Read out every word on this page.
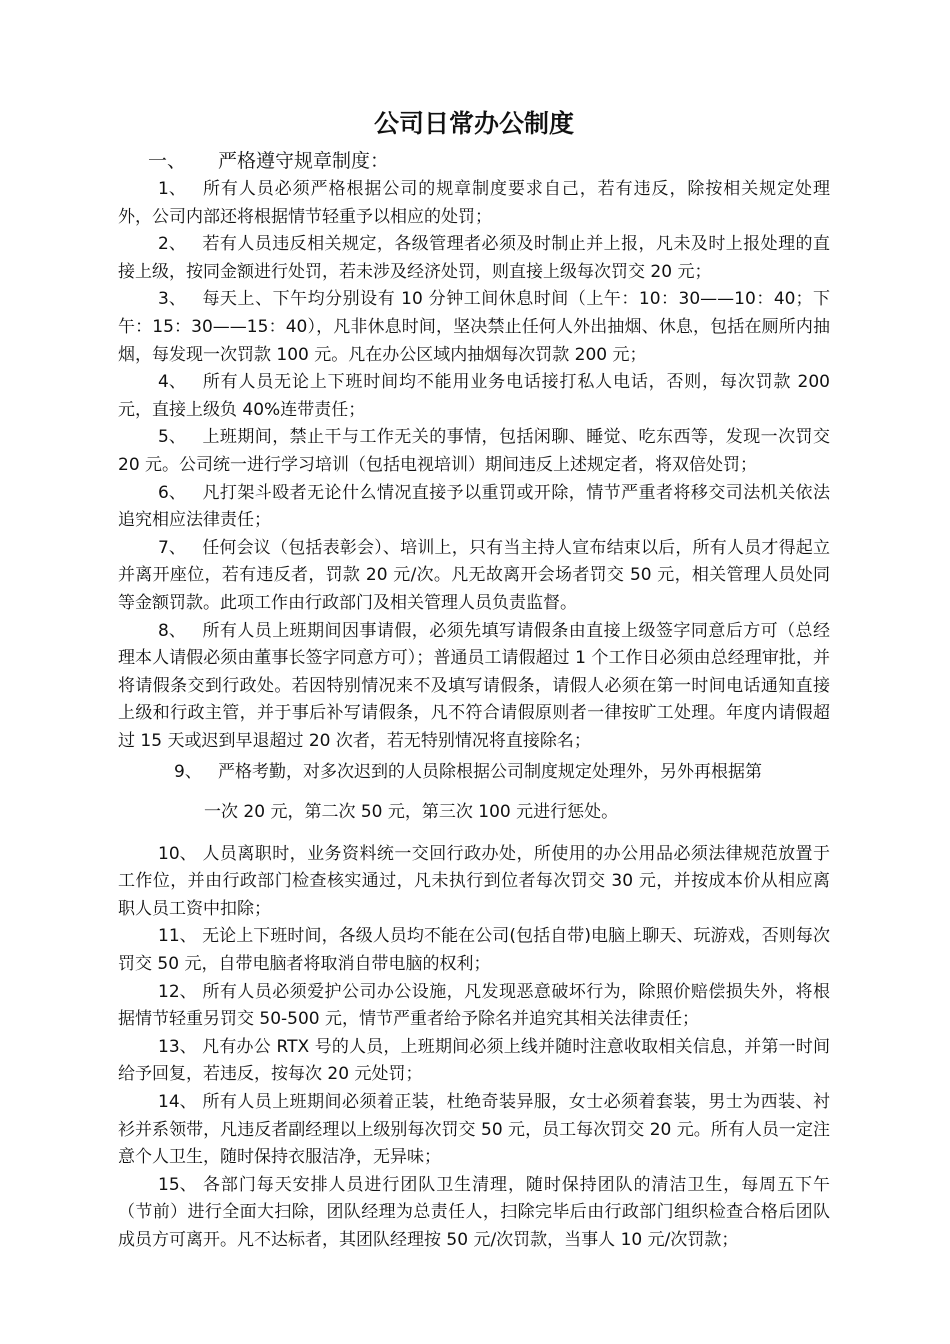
公司日常办公制度

一、 严格遵守规章制度：

1、 所有人员必须严格根据公司的规章制度要求自己，若有违反，除按相关规定处理外，公司内部还将根据情节轻重予以相应的处罚；

2、 若有人员违反相关规定，各级管理者必须及时制止并上报，凡未及时上报处理的直接上级，按同金额进行处罚，若未涉及经济处罚，则直接上级每次罚交 20 元；

3、 每天上、下午均分别设有 10 分钟工间休息时间（上午：10：30——10：40；下午：15：30——15：40），凡非休息时间，坚决禁止任何人外出抽烟、休息，包括在厕所内抽烟，每发现一次罚款 100 元。凡在办公区域内抽烟每次罚款 200 元；

4、 所有人员无论上下班时间均不能用业务电话接打私人电话，否则，每次罚款 200 元，直接上级负 40%连带责任；

5、 上班期间，禁止干与工作无关的事情，包括闲聊、睡觉、吃东西等，发现一次罚交 20 元。公司统一进行学习培训（包括电视培训）期间违反上述规定者，将双倍处罚；

6、 凡打架斗殴者无论什么情况直接予以重罚或开除，情节严重者将移交司法机关依法追究相应法律责任；

7、 任何会议（包括表彰会）、培训上，只有当主持人宣布结束以后，所有人员才得起立并离开座位，若有违反者，罚款 20 元/次。凡无故离开会场者罚交 50 元，相关管理人员处同等金额罚款。此项工作由行政部门及相关管理人员负责监督。

8、 所有人员上班期间因事请假，必须先填写请假条由直接上级签字同意后方可（总经理本人请假必须由董事长签字同意方可）；普通员工请假超过 1 个工作日必须由总经理审批，并将请假条交到行政处。若因特别情况来不及填写请假条，请假人必须在第一时间电话通知直接上级和行政主管，并于事后补写请假条，凡不符合请假原则者一律按旷工处理。年度内请假超过 15 天或迟到早退超过 20 次者，若无特别情况将直接除名；

9、 严格考勤，对多次迟到的人员除根据公司制度规定处理外，另外再根据第

一次 20 元，第二次 50 元，第三次 100 元进行惩处。

10、 人员离职时，业务资料统一交回行政办处，所使用的办公用品必须法律规范放置于工作位，并由行政部门检查核实通过，凡未执行到位者每次罚交 30 元，并按成本价从相应离职人员工资中扣除；

11、 无论上下班时间，各级人员均不能在公司(包括自带)电脑上聊天、玩游戏，否则每次罚交 50 元，自带电脑者将取消自带电脑的权利；

12、 所有人员必须爱护公司办公设施，凡发现恶意破坏行为，除照价赔偿损失外，将根据情节轻重另罚交 50-500 元，情节严重者给予除名并追究其相关法律责任；

13、 凡有办公 RTX 号的人员，上班期间必须上线并随时注意收取相关信息，并第一时间给予回复，若违反，按每次 20 元处罚；

14、 所有人员上班期间必须着正装，杜绝奇装异服，女士必须着套装，男士为西装、衬衫并系领带，凡违反者副经理以上级别每次罚交 50 元，员工每次罚交 20 元。所有人员一定注意个人卫生，随时保持衣服洁净，无异味；

15、 各部门每天安排人员进行团队卫生清理，随时保持团队的清洁卫生，每周五下午（节前）进行全面大扫除，团队经理为总责任人，扫除完毕后由行政部门组织检查合格后团队成员方可离开。凡不达标者，其团队经理按 50 元/次罚款，当事人 10 元/次罚款；
